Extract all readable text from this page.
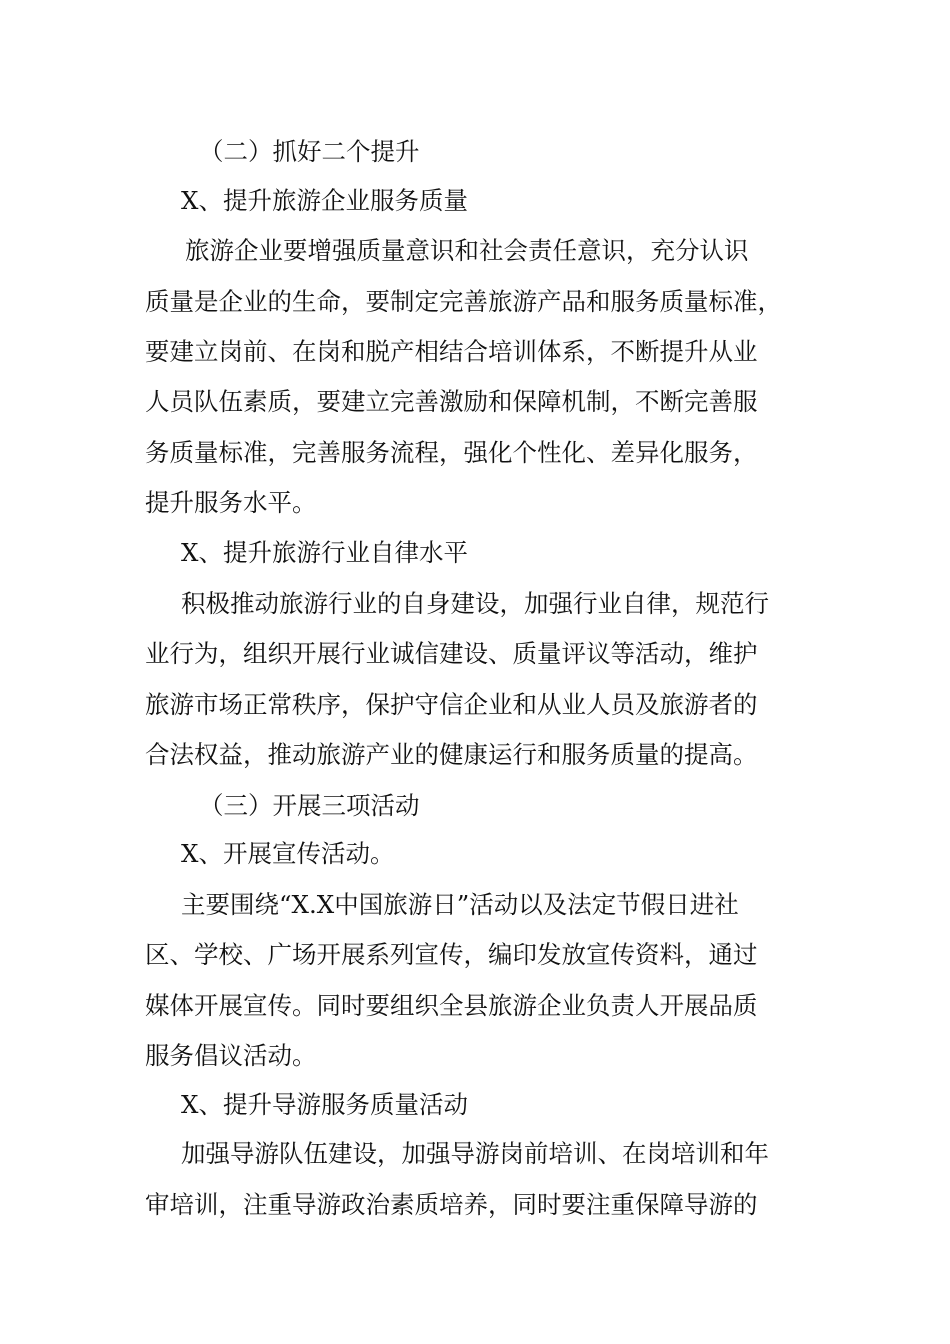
（二）抓好二个提升
X、提升旅游企业服务质量
旅游企业要增强质量意识和社会责任意识，充分认识
质量是企业的生命，要制定完善旅游产品和服务质量标准，
要建立岗前、在岗和脱产相结合培训体系，不断提升从业
人员队伍素质，要建立完善激励和保障机制，不断完善服
务质量标准，完善服务流程，强化个性化、差异化服务，
提升服务水平。
X、提升旅游行业自律水平
积极推动旅游行业的自身建设，加强行业自律，规范行
业行为，组织开展行业诚信建设、质量评议等活动，维护
旅游市场正常秩序，保护守信企业和从业人员及旅游者的
合法权益，推动旅游产业的健康运行和服务质量的提高。
（三）开展三项活动
X、开展宣传活动。
主要围绕“X.X中国旅游日”活动以及法定节假日进社
区、学校、广场开展系列宣传，编印发放宣传资料，通过
媒体开展宣传。同时要组织全县旅游企业负责人开展品质
服务倡议活动。
X、提升导游服务质量活动
加强导游队伍建设，加强导游岗前培训、在岗培训和年
审培训，注重导游政治素质培养，同时要注重保障导游的
